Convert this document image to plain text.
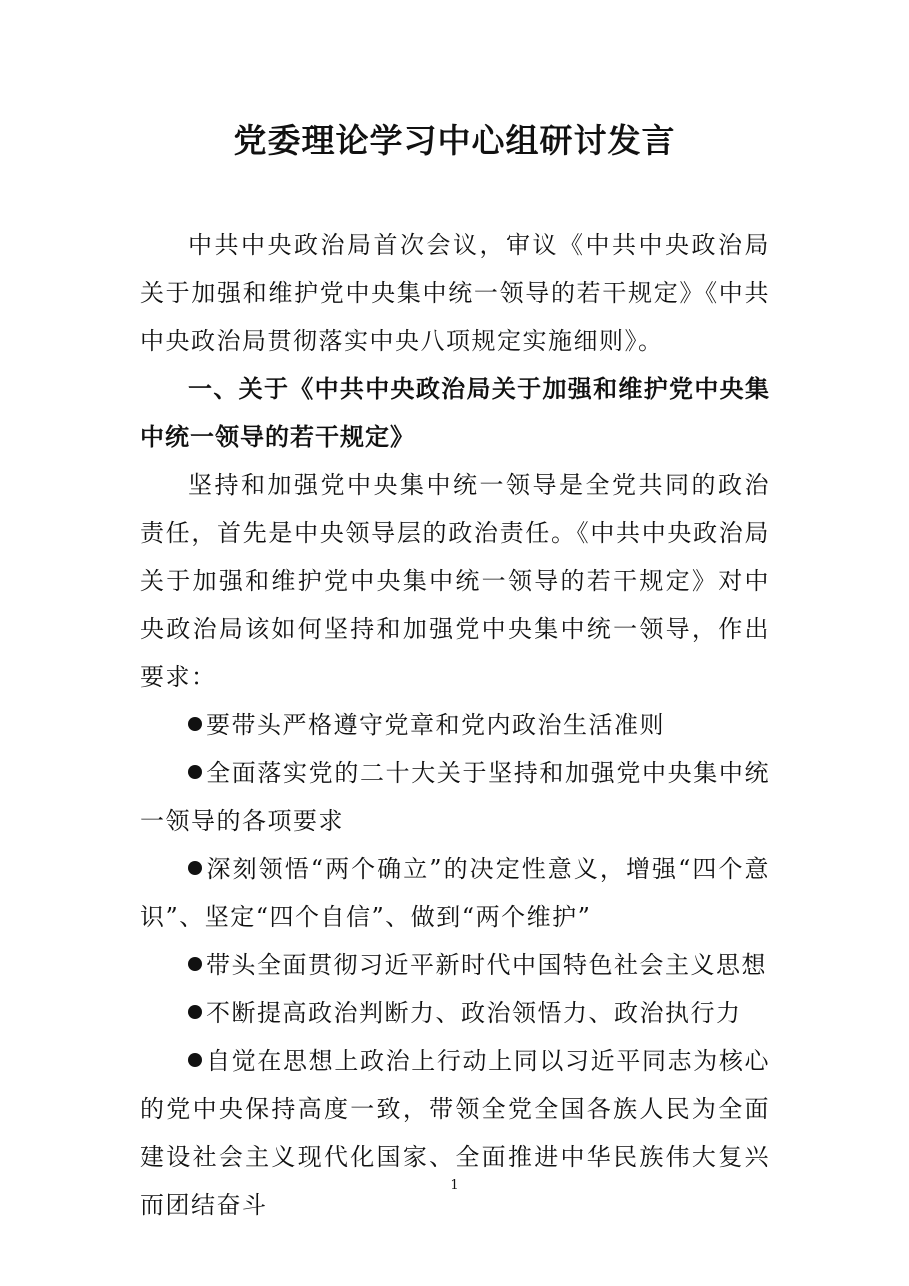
党委理论学习中心组研讨发言

中共中央政治局首次会议，审议《中共中央政治局关于加强和维护党中央集中统一领导的若干规定》《中共中央政治局贯彻落实中央八项规定实施细则》。

一、关于《中共中央政治局关于加强和维护党中央集中统一领导的若干规定》

坚持和加强党中央集中统一领导是全党共同的政治责任，首先是中央领导层的政治责任。《中共中央政治局关于加强和维护党中央集中统一领导的若干规定》对中央政治局该如何坚持和加强党中央集中统一领导，作出要求：

要带头严格遵守党章和党内政治生活准则

全面落实党的二十大关于坚持和加强党中央集中统一领导的各项要求

深刻领悟“两个确立”的决定性意义，增强“四个意识”、坚定“四个自信”、做到“两个维护”

带头全面贯彻习近平新时代中国特色社会主义思想

不断提高政治判断力、政治领悟力、政治执行力

自觉在思想上政治上行动上同以习近平同志为核心的党中央保持高度一致，带领全党全国各族人民为全面建设社会主义现代化国家、全面推进中华民族伟大复兴而团结奋斗

1
